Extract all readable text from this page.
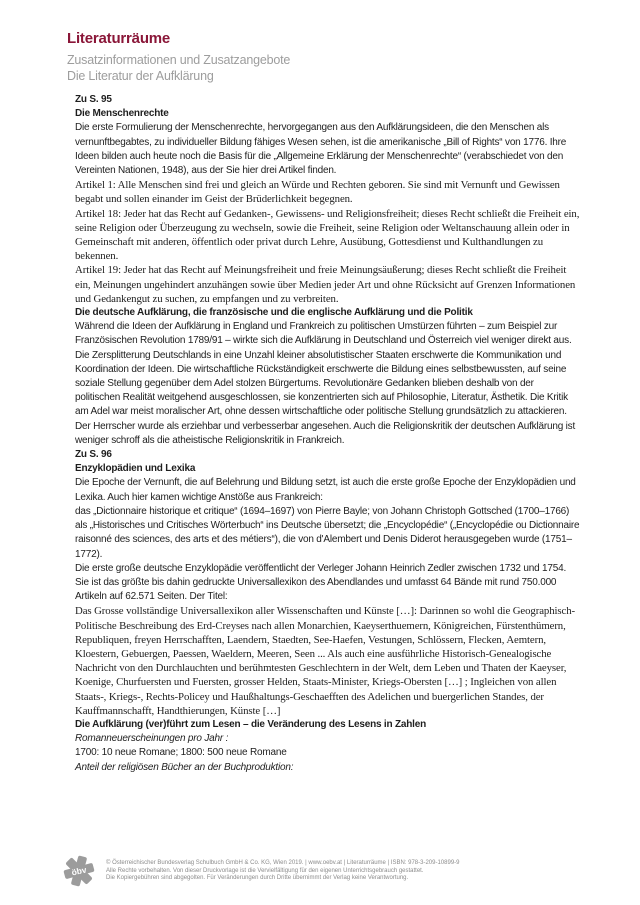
Literaturräume
Zusatzinformationen und Zusatzangebote
Die Literatur der Aufklärung

Zu S. 95

Die Menschenrechte

Die erste Formulierung der Menschenrechte, hervorgegangen aus den Aufklärungsideen, die den Menschen als vernunftbegabtes, zu individueller Bildung fähiges Wesen sehen, ist die amerikanische „Bill of Rights“ von 1776. Ihre Ideen bilden auch heute noch die Basis für die „Allgemeine Erklärung der Menschenrechte“ (verabschiedet von den Vereinten Nationen, 1948), aus der Sie hier drei Artikel finden.

Artikel 1: Alle Menschen sind frei und gleich an Würde und Rechten geboren. Sie sind mit Vernunft und Gewissen begabt und sollen einander im Geist der Brüderlichkeit begegnen.

Artikel 18: Jeder hat das Recht auf Gedanken-, Gewissens- und Religionsfreiheit; dieses Recht schließt die Freiheit ein, seine Religion oder Überzeugung zu wechseln, sowie die Freiheit, seine Religion oder Weltanschauung allein oder in Gemeinschaft mit anderen, öffentlich oder privat durch Lehre, Ausübung, Gottesdienst und Kulthandlungen zu bekennen.

Artikel 19: Jeder hat das Recht auf Meinungsfreiheit und freie Meinungsäußerung; dieses Recht schließt die Freiheit ein, Meinungen ungehindert anzuhängen sowie über Medien jeder Art und ohne Rücksicht auf Grenzen Informationen und Gedankengut zu suchen, zu empfangen und zu verbreiten.

Die deutsche Aufklärung, die französische und die englische Aufklärung und die Politik

Während die Ideen der Aufklärung in England und Frankreich zu politischen Umstürzen führten – zum Beispiel zur Französischen Revolution 1789/91 – wirkte sich die Aufklärung in Deutschland und Österreich viel weniger direkt aus. Die Zersplitterung Deutschlands in eine Unzahl kleiner absolutistischer Staaten erschwerte die Kommunikation und Koordination der Ideen. Die wirtschaftliche Rückständigkeit erschwerte die Bildung eines selbstbewussten, auf seine soziale Stellung gegenüber dem Adel stolzen Bürgertums. Revolutionäre Gedanken blieben deshalb von der politischen Realität weitgehend ausgeschlossen, sie konzentrierten sich auf Philosophie, Literatur, Ästhetik. Die Kritik am Adel war meist moralischer Art, ohne dessen wirtschaftliche oder politische Stellung grundsätzlich zu attackieren. Der Herrscher wurde als erziehbar und verbesserbar angesehen. Auch die Religionskritik der deutschen Aufklärung ist weniger schroff als die atheistische Religionskritik in Frankreich.

Zu S. 96

Enzyklopädien und Lexika

Die Epoche der Vernunft, die auf Belehrung und Bildung setzt, ist auch die erste große Epoche der Enzyklopädien und Lexika. Auch hier kamen wichtige Anstöße aus Frankreich:

das „Dictionnaire historique et critique“ (1694–1697) von Pierre Bayle; von Johann Christoph Gottsched (1700–1766) als „Historisches und Critisches Wörterbuch“ ins Deutsche übersetzt; die „Encyclopédie“ („Encyclopédie ou Dictionnaire raisonné des sciences, des arts et des métiers“), die von d'Alembert und Denis Diderot herausgegeben wurde (1751–1772).

Die erste große deutsche Enzyklopädie veröffentlicht der Verleger Johann Heinrich Zedler zwischen 1732 und 1754. Sie ist das größte bis dahin gedruckte Universallexikon des Abendlandes und umfasst 64 Bände mit rund 750.000 Artikeln auf 62.571 Seiten. Der Titel:

Das Grosse vollständige Universallexikon aller Wissenschaften und Künste […]: Darinnen so wohl die Geographisch-Politische Beschreibung des Erd-Creyses nach allen Monarchien, Kaeyserthuemern, Königreichen, Fürstenthümern, Republiquen, freyen Herrschafften, Laendern, Staedten, See-Haefen, Vestungen, Schlössern, Flecken, Aemtern, Kloestern, Gebuergen, Paessen, Waeldern, Meeren, Seen ... Als auch eine ausführliche Historisch-Genealogische Nachricht von den Durchlauchten und berühmtesten Geschlechtern in der Welt, dem Leben und Thaten der Kaeyser, Koenige, Churfuersten und Fuersten, grosser Helden, Staats-Minister, Kriegs-Obersten […] ; Ingleichen von allen Staats-, Kriegs-, Rechts-Policey und Haußhaltungs-Geschaefften des Adelichen und buergerlichen Standes, der Kauffmannschafft, Handthierungen, Künste […]

Die Aufklärung (ver)führt zum Lesen – die Veränderung des Lesens in Zahlen

Romanneuerscheinungen pro Jahr :

1700: 10 neue Romane; 1800: 500 neue Romane

Anteil der religiösen Bücher an der Buchproduktion:

öbv
© Österreichischer Bundesverlag Schulbuch GmbH & Co. KG, Wien 2019. | www.oebv.at | Literaturräume | ISBN: 978-3-209-10899-9
Alle Rechte vorbehalten. Von dieser Druckvorlage ist die Vervielfältigung für den eigenen Unterrichtsgebrauch gestattet.
Die Kopiergebühren sind abgegolten. Für Veränderungen durch Dritte übernimmt der Verlag keine Verantwortung.
